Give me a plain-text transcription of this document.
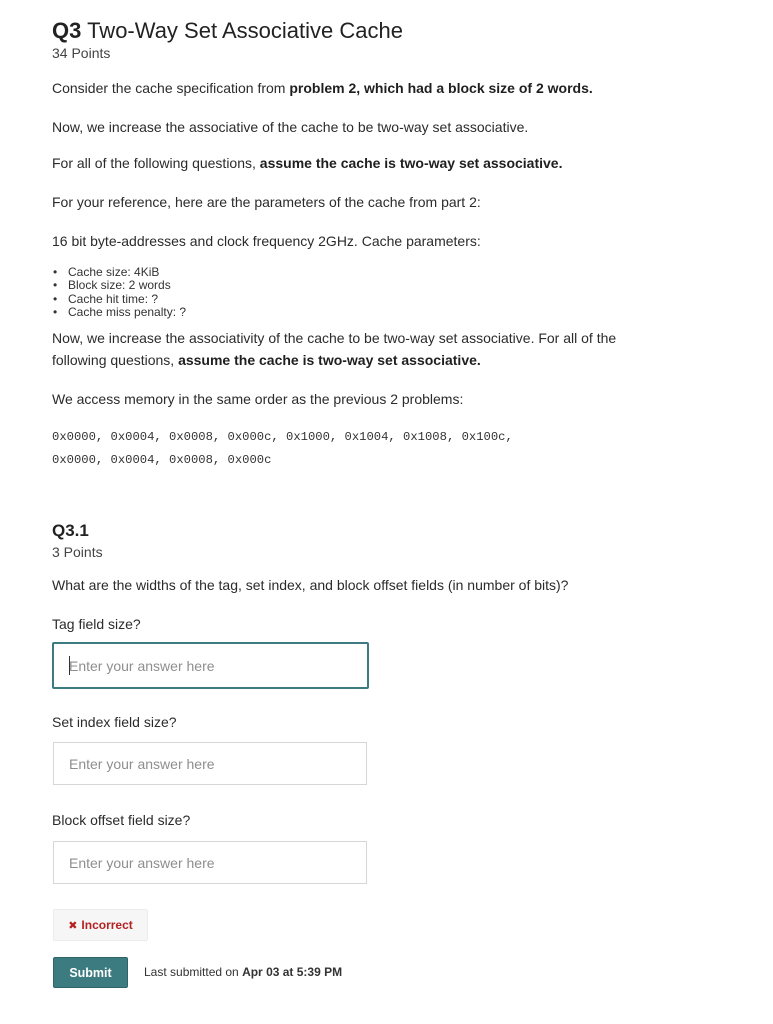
Q3 Two-Way Set Associative Cache
34 Points
Consider the cache specification from problem 2, which had a block size of 2 words.
Now, we increase the associative of the cache to be two-way set associative.
For all of the following questions, assume the cache is two-way set associative.
For your reference, here are the parameters of the cache from part 2:
16 bit byte-addresses and clock frequency 2GHz. Cache parameters:
• Cache size: 4KiB
• Block size: 2 words
• Cache hit time: ?
• Cache miss penalty: ?
Now, we increase the associativity of the cache to be two-way set associative. For all of the
following questions, assume the cache is two-way set associative.
We access memory in the same order as the previous 2 problems:
0x0000, 0x0004, 0x0008, 0x000c, 0x1000, 0x1004, 0x1008, 0x100c,
0x0000, 0x0004, 0x0008, 0x000c
Q3.1
3 Points
What are the widths of the tag, set index, and block offset fields (in number of bits)?
Tag field size?
Enter your answer here
Set index field size?
Enter your answer here
Block offset field size?
Enter your answer here
✖ Incorrect
Submit	Last submitted on Apr 03 at 5:39 PM
